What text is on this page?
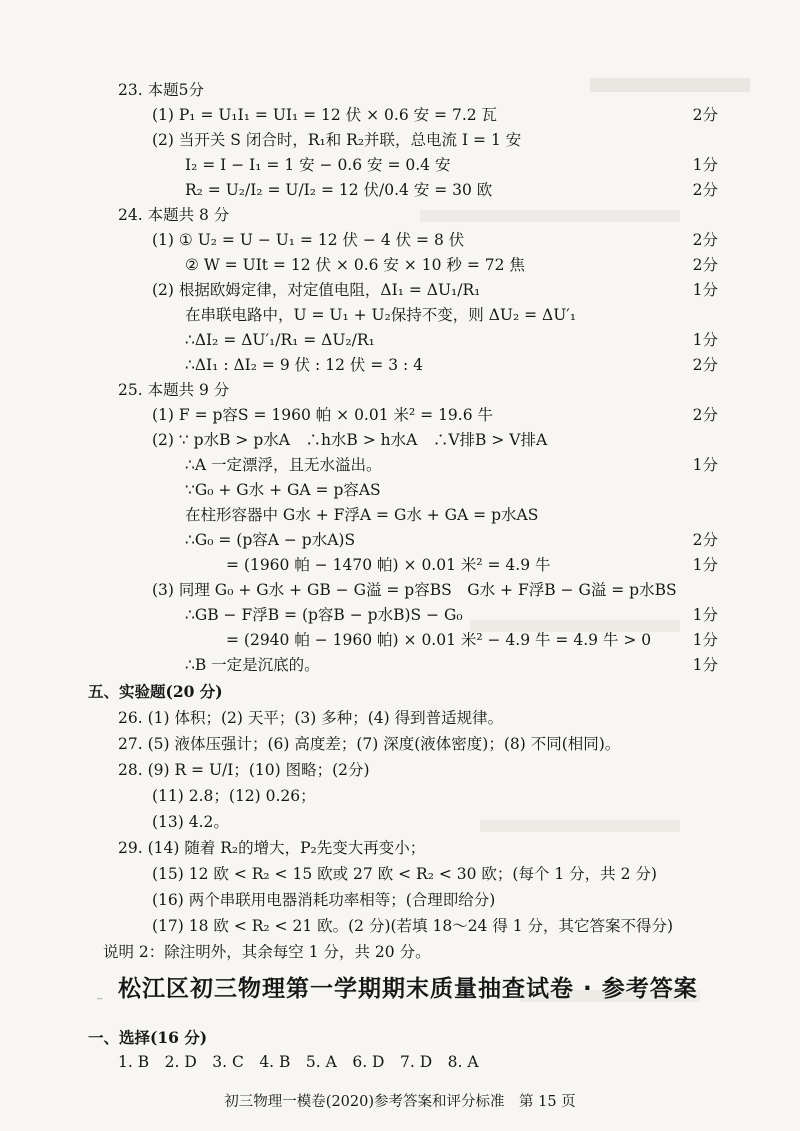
23. 本题5分
(1) P₁ = U₁I₁ = UI₁ = 12 伏 × 0.6 安 = 7.2 瓦	2分
(2) 当开关 S 闭合时，R₁和 R₂并联，总电流 I = 1 安
I₂ = I − I₁ = 1 安 − 0.6 安 = 0.4 安	1分
R₂ = U₂/I₂ = U/I₂ = 12 伏/0.4 安 = 30 欧	2分
24. 本题共 8 分
(1) ① U₂ = U − U₁ = 12 伏 − 4 伏 = 8 伏	2分
② W = UIt = 12 伏 × 0.6 安 × 10 秒 = 72 焦	2分
(2) 根据欧姆定律，对定值电阻，ΔI₁ = ΔU₁/R₁	1分
在串联电路中，U = U₁ + U₂保持不变，则 ΔU₂ = ΔU′₁
∴ΔI₂ = ΔU′₁/R₁ = ΔU₂/R₁	1分
∴ΔI₁ : ΔI₂ = 9 伏 : 12 伏 = 3 : 4	2分
25. 本题共 9 分
(1) F = p容S = 1960 帕 × 0.01 米² = 19.6 牛	2分
(2) ∵ p水B > p水A　∴h水B > h水A　∴V排B > V排A
∴A 一定漂浮，且无水溢出。	1分
∵G₀ + G水 + GA = p容AS
在柱形容器中 G水 + F浮A = G水 + GA = p水AS
∴G₀ = (p容A − p水A)S	2分
= (1960 帕 − 1470 帕) × 0.01 米² = 4.9 牛	1分
(3) 同理 G₀ + G水 + GB − G溢 = p容BS　G水 + F浮B − G溢 = p水BS
∴GB − F浮B = (p容B − p水B)S − G₀	1分
= (2940 帕 − 1960 帕) × 0.01 米² − 4.9 牛 = 4.9 牛 > 0	1分
∴B 一定是沉底的。	1分
五、实验题(20 分)
26. (1) 体积；(2) 天平；(3) 多种；(4) 得到普适规律。
27. (5) 液体压强计；(6) 高度差；(7) 深度(液体密度)；(8) 不同(相同)。
28. (9) R = U/I；(10) 图略；(2分)
(11) 2.8；(12) 0.26；
(13) 4.2。
29. (14) 随着 R₂的增大，P₂先变大再变小；
(15) 12 欧 < R₂ < 15 欧或 27 欧 < R₂ < 30 欧；(每个 1 分，共 2 分)
(16) 两个串联用电器消耗功率相等；(合理即给分)
(17) 18 欧 < R₂ < 21 欧。(2 分)(若填 18～24 得 1 分，其它答案不得分)
说明 2：除注明外，其余每空 1 分，共 20 分。
⁻ 松江区初三物理第一学期期末质量抽查试卷 · 参考答案
一、选择(16 分)
1. B　2. D　3. C　4. B　5. A　6. D　7. D　8. A
初三物理一模卷(2020)参考答案和评分标准　第 15 页
